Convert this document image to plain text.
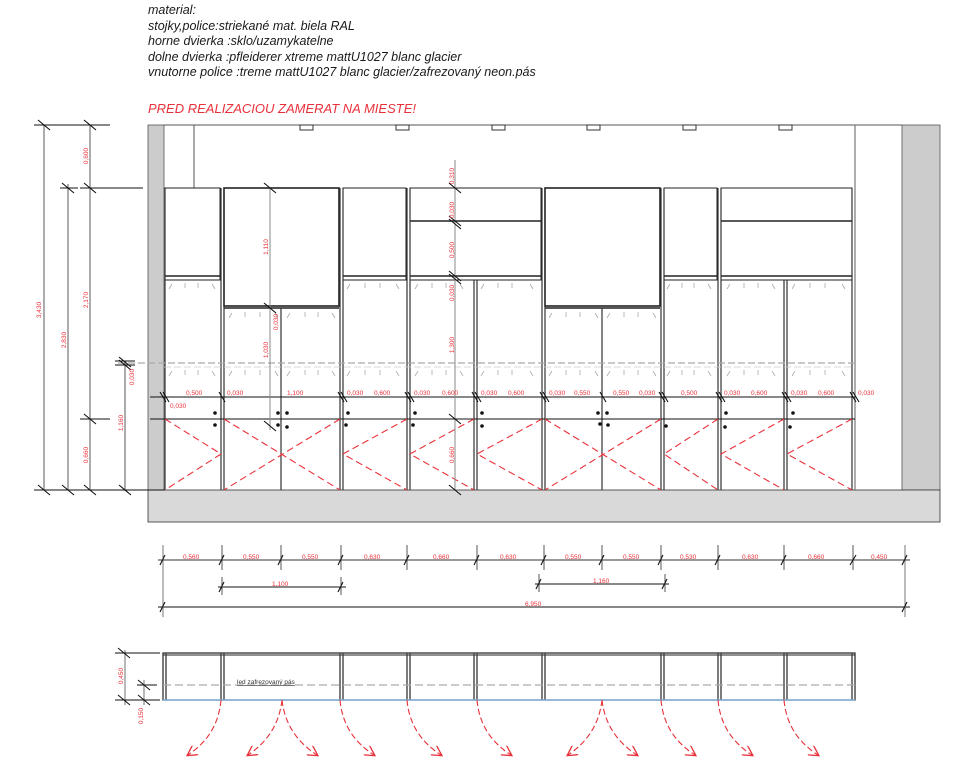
material:
stojky,police:striekané mat. biela RAL
horne dvierka :sklo/uzamykatelne
dolne dvierka :pfleiderer xtreme mattU1027 blanc glacier
vnutorne police :treme mattU1027 blanc glacier/zafrezovaný neon.pás
PRED REALIZACIOU ZAMERAT NA MIESTE!
3,430
2,830
0,600
2,170
0,660
1,160
0,030
1,110
0,030
1,030
0,310
0,030
0,500
0,030
1,300
0,660
0,500	0,030	1,100	0,030 0,600	0,030 0,600	0,030 0,600	0,030 0,550	0,550 0,030	0,500	0,030 0,600	0,030 0,600	0,030
0,030
0,560	0,550	0,550	0,630	0,660	0,630	0,550	0,550	0,530	0,630	0,660	0,450
1,100	1,160
6,950
led zafrezovaný pás
0,450
0,150
